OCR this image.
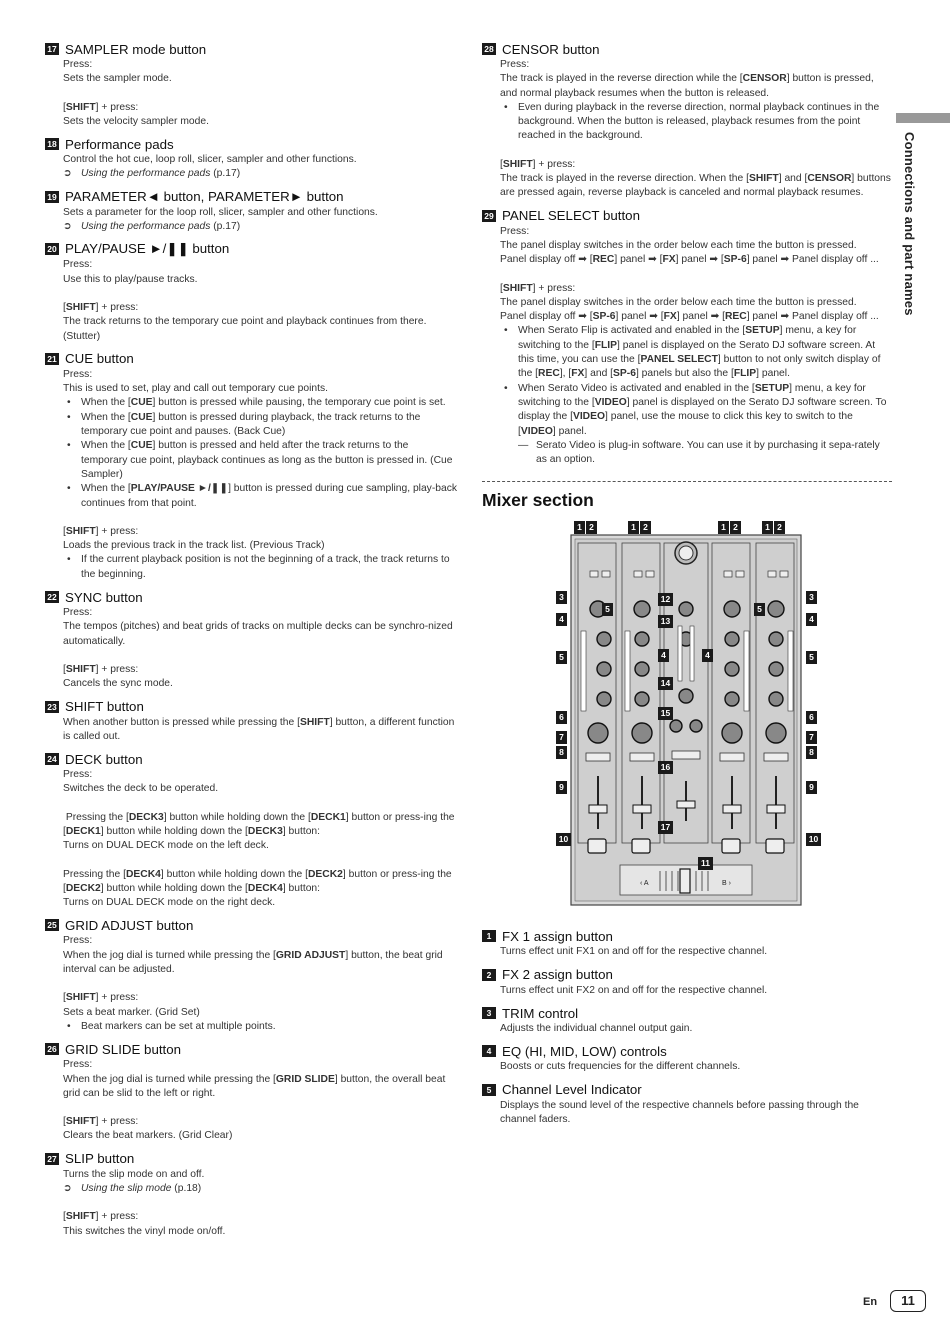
Connections and part names
17 SAMPLER mode button

Press:

Sets the sampler mode.

[SHIFT] + press:

Sets the velocity sampler mode.

18 Performance pads

Control the hot cue, loop roll, slicer, sampler and other functions.

➲ Using the performance pads (p.17)
19 PARAMETER◄ button, PARAMETER► button

Sets a parameter for the loop roll, slicer, sampler and other functions.

➲ Using the performance pads (p.17)
20 PLAY/PAUSE ►/❚❚ button

Press:

Use this to play/pause tracks.

[SHIFT] + press:

The track returns to the temporary cue point and playback continues from there. (Stutter)

21 CUE button

Press:

This is used to set, play and call out temporary cue points.

• When the [CUE] button is pressed while pausing, the temporary cue point is set.
• When the [CUE] button is pressed during playback, the track returns to the temporary cue point and pauses. (Back Cue)
• When the [CUE] button is pressed and held after the track returns to the temporary cue point, playback continues as long as the button is pressed in. (Cue Sampler)
• When the [PLAY/PAUSE ►/❚❚] button is pressed during cue sampling, play-back continues from that point.

[SHIFT] + press:

Loads the previous track in the track list. (Previous Track)

• If the current playback position is not the beginning of a track, the track returns to the beginning.
22 SYNC button

Press:

The tempos (pitches) and beat grids of tracks on multiple decks can be synchro-nized automatically.

[SHIFT] + press:

Cancels the sync mode.

23 SHIFT button

When another button is pressed while pressing the [SHIFT] button, a different function is called out.

24 DECK button

Press:

Switches the deck to be operated.

Pressing the [DECK3] button while holding down the [DECK1] button or press-ing the [DECK1] button while holding down the [DECK3] button:

Turns on DUAL DECK mode on the left deck.

Pressing the [DECK4] button while holding down the [DECK2] button or press-ing the [DECK2] button while holding down the [DECK4] button:

Turns on DUAL DECK mode on the right deck.

25 GRID ADJUST button

Press:

When the jog dial is turned while pressing the [GRID ADJUST] button, the beat grid interval can be adjusted.

[SHIFT] + press:

Sets a beat marker. (Grid Set)

• Beat markers can be set at multiple points.
26 GRID SLIDE button

Press:

When the jog dial is turned while pressing the [GRID SLIDE] button, the overall beat grid can be slid to the left or right.

[SHIFT] + press:

Clears the beat markers. (Grid Clear)

27 SLIP button

Turns the slip mode on and off.

➲ Using the slip mode (p.18)

[SHIFT] + press:

This switches the vinyl mode on/off.

28 CENSOR button

Press:

The track is played in the reverse direction while the [CENSOR] button is pressed, and normal playback resumes when the button is released.

• Even during playback in the reverse direction, normal playback continues in the background. When the button is released, playback resumes from the point reached in the background.

[SHIFT] + press:

The track is played in the reverse direction. When the [SHIFT] and [CENSOR] buttons are pressed again, reverse playback is canceled and normal playback resumes.

29 PANEL SELECT button

Press:

The panel display switches in the order below each time the button is pressed.

Panel display off ➡ [REC] panel ➡ [FX] panel ➡ [SP-6] panel ➡ Panel display off ...

[SHIFT] + press:

The panel display switches in the order below each time the button is pressed.

Panel display off ➡ [SP-6] panel ➡ [FX] panel ➡ [REC] panel ➡ Panel display off ...

• When Serato Flip is activated and enabled in the [SETUP] menu, a key for switching to the [FLIP] panel is displayed on the Serato DJ software screen. At this time, you can use the [PANEL SELECT] button to not only switch display of the [REC], [FX] and [SP-6] panels but also the [FLIP] panel.
• When Serato Video is activated and enabled in the [SETUP] menu, a key for switching to the [VIDEO] panel is displayed on the Serato DJ software screen. To display the [VIDEO] panel, use the mouse to click this key to switch to the [VIDEO] panel.
— Serato Video is plug-in software. You can use it by purchasing it sepa-rately as an option.
Mixer section
‹ A	B ›
1 2	1 2	1 2	1 2
3
4
5
6
7
8
9
10
3
4
5
6
7
8
9
10
5	5
4	4
11
12
13
14
15
16
17
1 FX 1 assign button

Turns effect unit FX1 on and off for the respective channel.

2 FX 2 assign button

Turns effect unit FX2 on and off for the respective channel.

3 TRIM control

Adjusts the individual channel output gain.

4 EQ (HI, MID, LOW) controls

Boosts or cuts frequencies for the different channels.

5 Channel Level Indicator

Displays the sound level of the respective channels before passing through the channel faders.

En	11
